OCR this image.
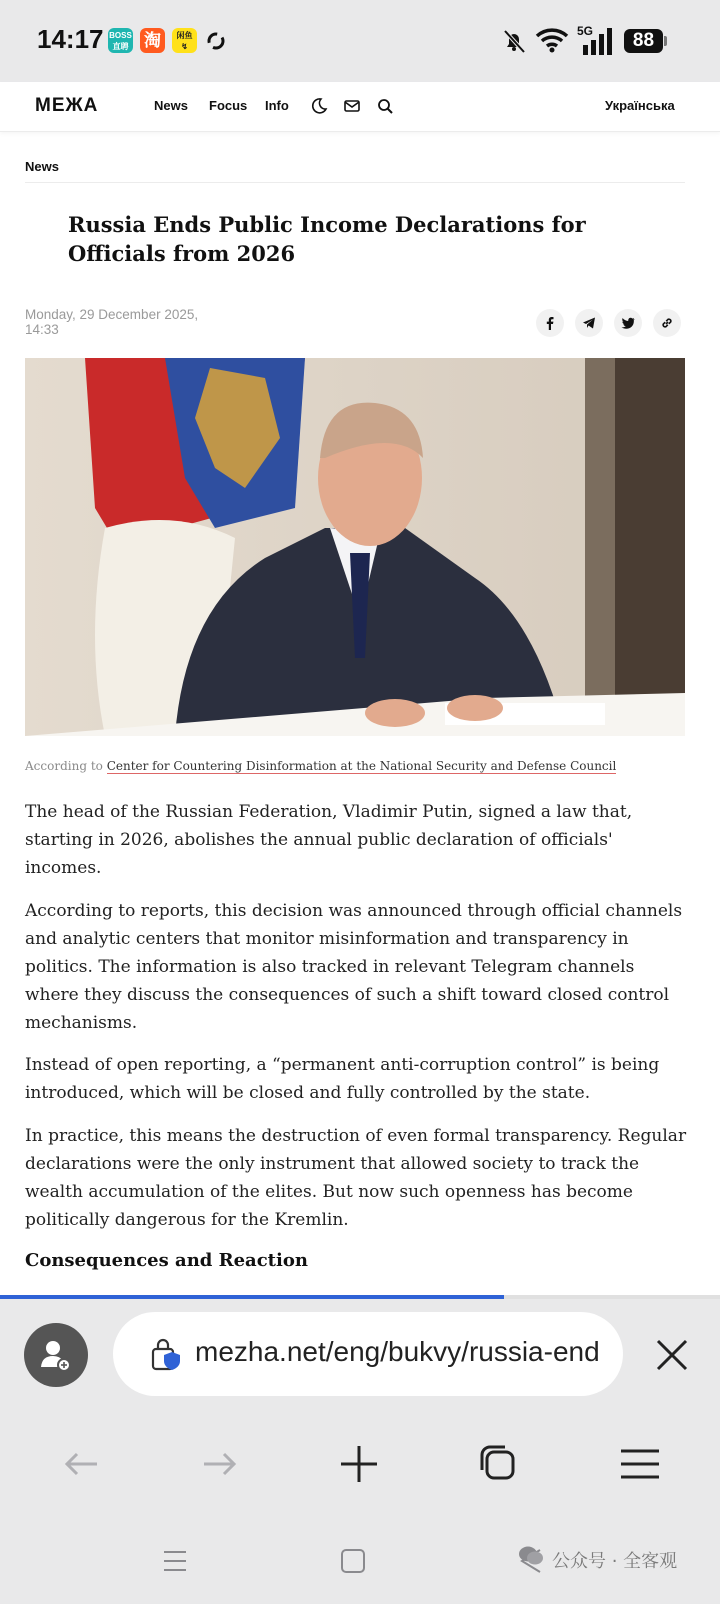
14:17 BOSS
直聘 淘	闲鱼
↯
5G	88
МЕЖА	News Focus Info	Українська
News
Russia Ends Public Income Declarations for Officials from 2026
Monday, 29 December 2025, 14:33
According to Center for Countering Disinformation at the National Security and Defense Council

The head of the Russian Federation, Vladimir Putin, signed a law that, starting in 2026, abolishes the annual public declaration of officials' incomes.

According to reports, this decision was announced through official channels and analytic centers that monitor misinformation and transparency in politics. The information is also tracked in relevant Telegram channels where they discuss the consequences of such a shift toward closed control mechanisms.

Instead of open reporting, a “permanent anti-corruption control” is being introduced, which will be closed and fully controlled by the state.

In practice, this means the destruction of even formal transparency. Regular declarations were the only instrument that allowed society to track the wealth accumulation of the elites. But now such openness has become politically dangerous for the Kremlin.

Consequences and Reaction
mezha.net/eng/bukvy/russia-end
公众号 · 全客观
